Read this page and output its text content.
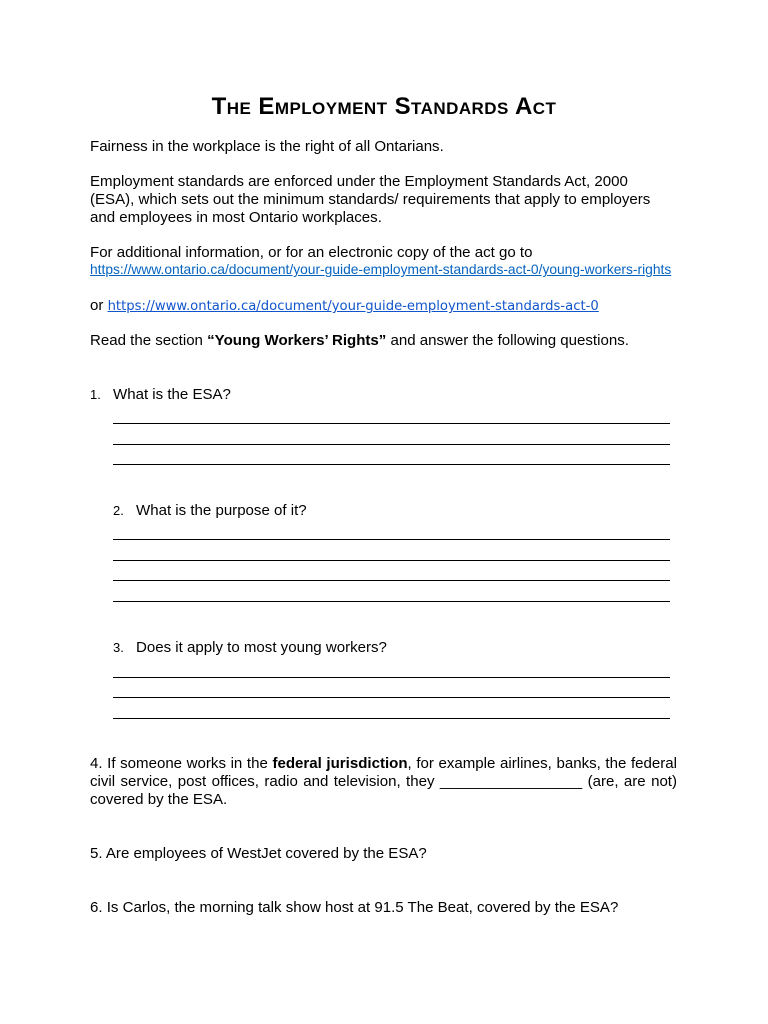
The Employment Standards Act
Fairness in the workplace is the right of all Ontarians.
Employment standards are enforced under the Employment Standards Act, 2000 (ESA), which sets out the minimum standards/ requirements that apply to employers and employees in most Ontario workplaces.
For additional information, or for an electronic copy of the act go to
https://www.ontario.ca/document/your-guide-employment-standards-act-0/young-workers-rights
or https://www.ontario.ca/document/your-guide-employment-standards-act-0
Read the section “Young Workers’ Rights” and answer the following questions.
1. What is the ESA?
2. What is the purpose of it?
3. Does it apply to most young workers?
4. If someone works in the federal jurisdiction, for example airlines, banks, the federal civil service, post offices, radio and television, they _________________ (are, are not) covered by the ESA.
5. Are employees of WestJet covered by the ESA?
6. Is Carlos, the morning talk show host at 91.5 The Beat, covered by the ESA?
